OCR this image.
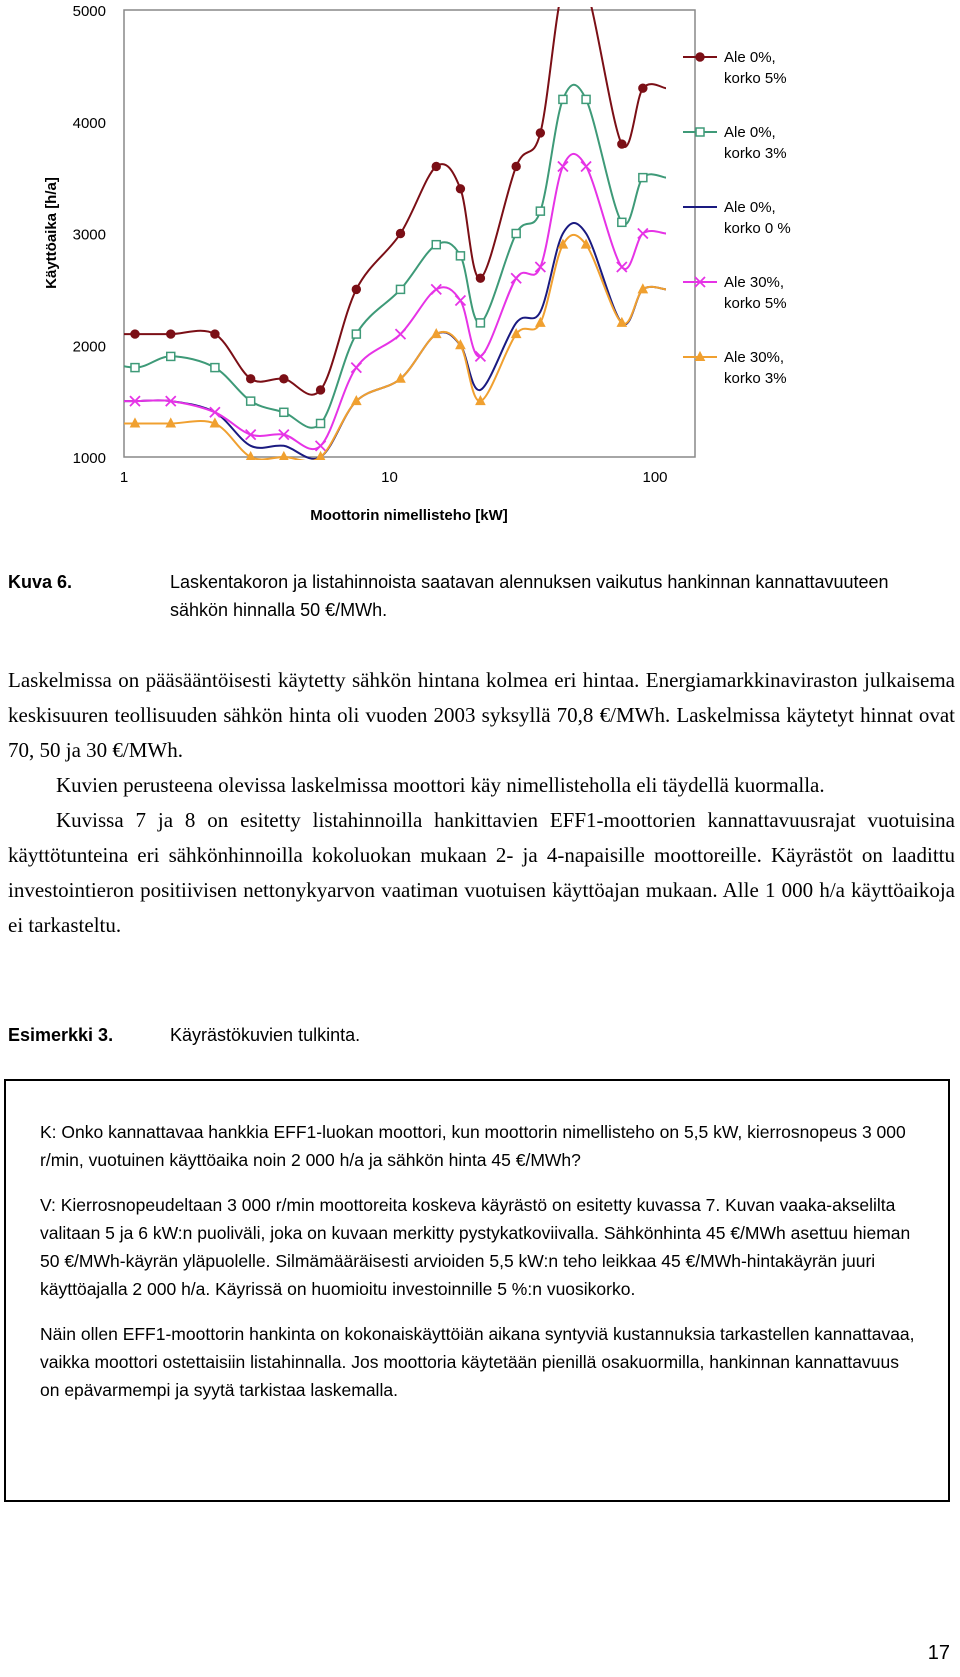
1000
2000
3000
4000
5000
1	10	100
Käyttöaika [h/a]
Moottorin nimellisteho [kW]
Ale 0%, korko 5%
Ale 0%, korko 3%
Ale 0%, korko 0 %
Ale 30%, korko 5%
Ale 30%, korko 3%
Kuva 6.	Laskentakoron ja listahinnoista saatavan alennuksen vaikutus hankinnan kannattavuuteen sähkön hinnalla 50 €/MWh.

Laskelmissa on pääsääntöisesti käytetty sähkön hintana kolmea eri hintaa. Energiamarkkinaviraston julkaisema keskisuuren teollisuuden sähkön hinta oli vuoden 2003 syksyllä 70,8 €/MWh. Laskelmissa käytetyt hinnat ovat 70, 50 ja 30 €/MWh.

Kuvien perusteena olevissa laskelmissa moottori käy nimellisteholla eli täydellä kuormalla.

Kuvissa 7 ja 8 on esitetty listahinnoilla hankittavien EFF1-moottorien kannattavuusrajat vuotuisina käyttötunteina eri sähkönhinnoilla kokoluokan mukaan 2- ja 4-napaisille moottoreille. Käyrästöt on laadittu investointieron positiivisen nettonykyarvon vaatiman vuotuisen käyttöajan mukaan. Alle 1 000 h/a käyttöaikoja ei tarkasteltu.

Esimerkki 3.	Käyrästökuvien tulkinta.

K: Onko kannattavaa hankkia EFF1-luokan moottori, kun moottorin nimellisteho on 5,5 kW, kierrosnopeus 3 000 r/min, vuotuinen käyttöaika noin 2 000 h/a ja sähkön hinta 45 €/MWh?

V: Kierrosnopeudeltaan 3 000 r/min moottoreita koskeva käyrästö on esitetty kuvassa 7. Kuvan vaaka-akselilta valitaan 5 ja 6 kW:n puoliväli, joka on kuvaan merkitty pystykatkoviivalla. Sähkönhinta 45 €/MWh asettuu hieman 50 €/MWh-käyrän yläpuolelle. Silmämääräisesti arvioiden 5,5 kW:n teho leikkaa 45 €/MWh-hintakäyrän juuri käyttöajalla 2 000 h/a. Käyrissä on huomioitu investoinnille 5 %:n vuosikorko.

Näin ollen EFF1-moottorin hankinta on kokonaiskäyttöiän aikana syntyviä kustannuksia tarkastellen kannattavaa, vaikka moottori ostettaisiin listahinnalla. Jos moottoria käytetään pienillä osakuormilla, hankinnan kannattavuus on epävarmempi ja syytä tarkistaa laskemalla.

17
